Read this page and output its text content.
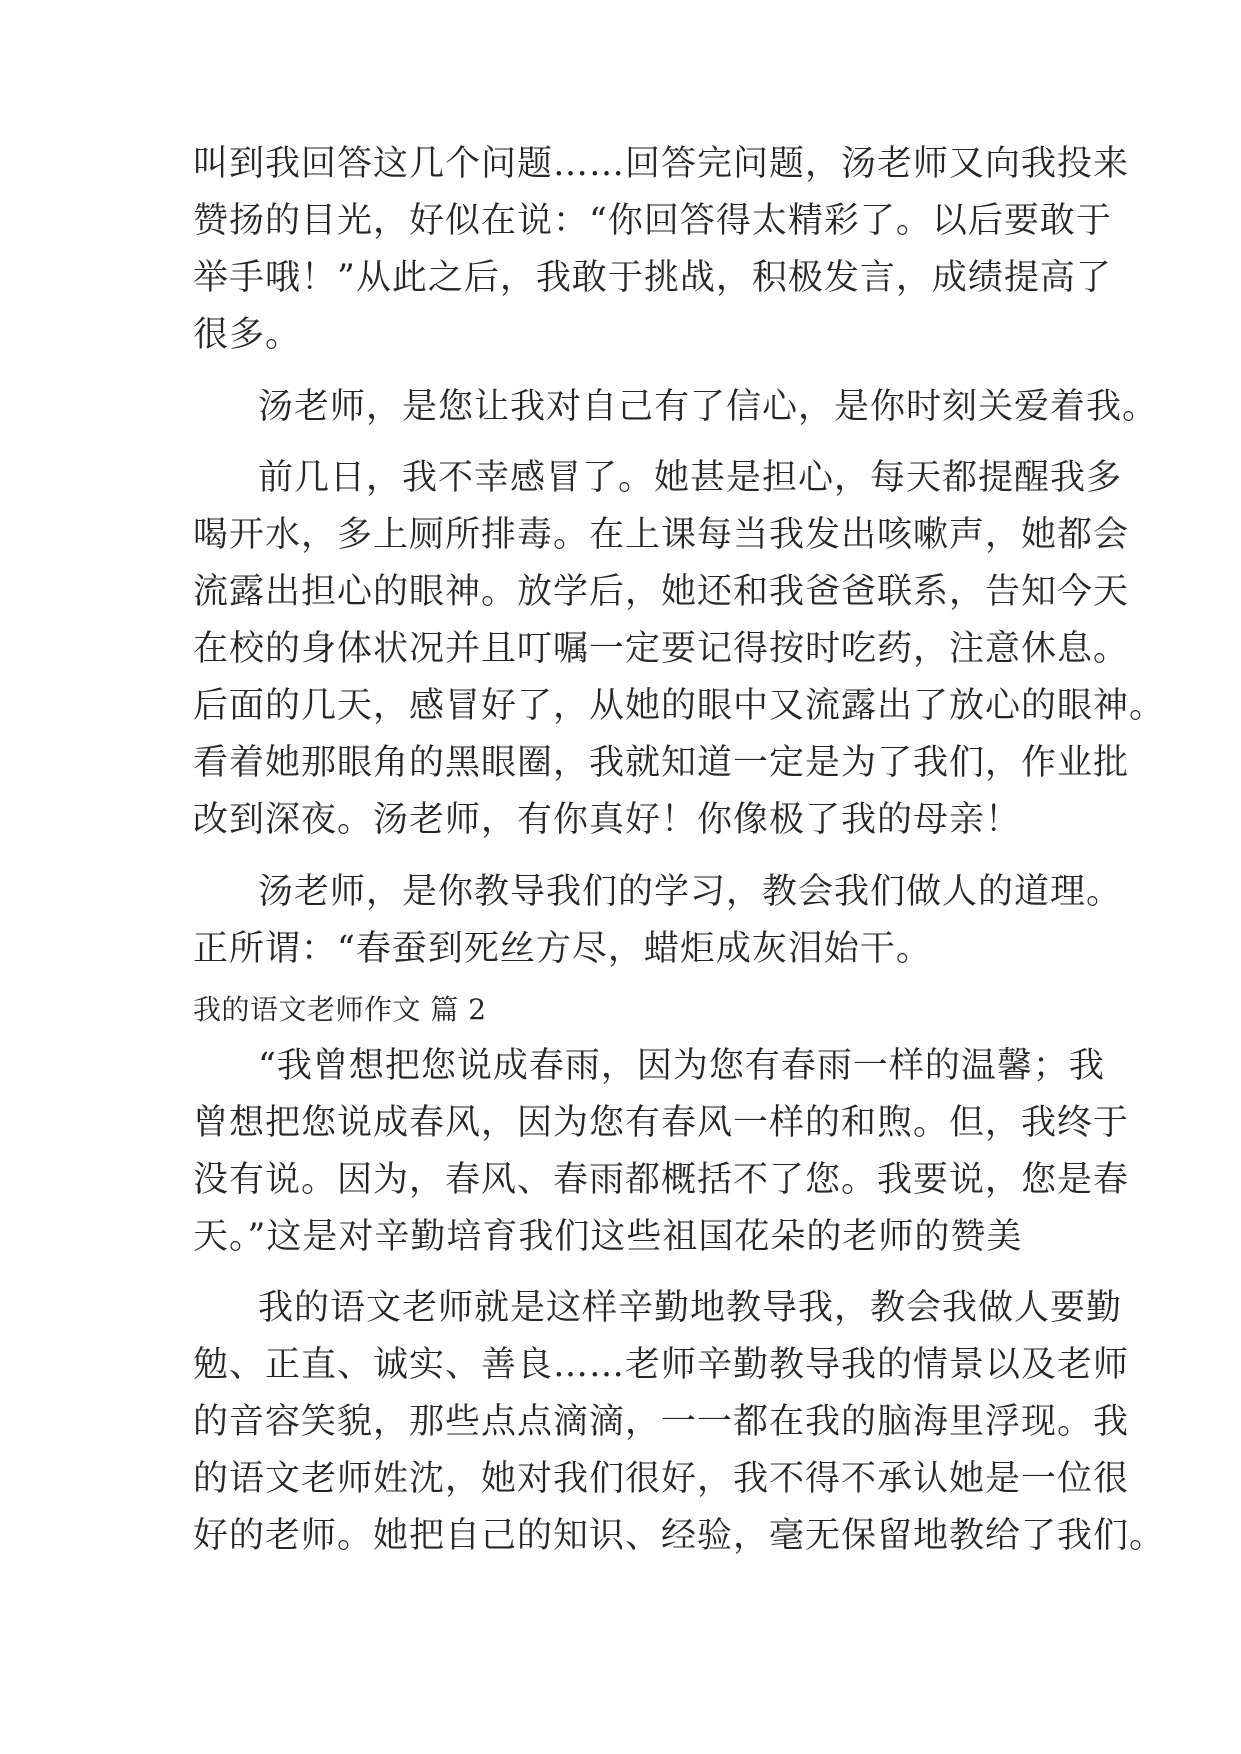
叫到我回答这几个问题……回答完问题，汤老师又向我投来
赞扬的目光，好似在说：“你回答得太精彩了。以后要敢于
举手哦！”从此之后，我敢于挑战，积极发言，成绩提高了
很多。
汤老师，是您让我对自己有了信心，是你时刻关爱着我。
前几日，我不幸感冒了。她甚是担心，每天都提醒我多
喝开水，多上厕所排毒。在上课每当我发出咳嗽声，她都会
流露出担心的眼神。放学后，她还和我爸爸联系，告知今天
在校的身体状况并且叮嘱一定要记得按时吃药，注意休息。
后面的几天，感冒好了，从她的眼中又流露出了放心的眼神。
看着她那眼角的黑眼圈，我就知道一定是为了我们，作业批
改到深夜。汤老师，有你真好！你像极了我的母亲！
汤老师，是你教导我们的学习，教会我们做人的道理。
正所谓：“春蚕到死丝方尽，蜡炬成灰泪始干。
我的语文老师作文 篇 2
“我曾想把您说成春雨，因为您有春雨一样的温馨；我
曾想把您说成春风，因为您有春风一样的和煦。但，我终于
没有说。因为，春风、春雨都概括不了您。我要说，您是春
天。”这是对辛勤培育我们这些祖国花朵的老师的赞美
我的语文老师就是这样辛勤地教导我，教会我做人要勤
勉、正直、诚实、善良……老师辛勤教导我的情景以及老师
的音容笑貌，那些点点滴滴，一一都在我的脑海里浮现。我
的语文老师姓沈，她对我们很好，我不得不承认她是一位很
好的老师。她把自己的知识、经验，毫无保留地教给了我们。
